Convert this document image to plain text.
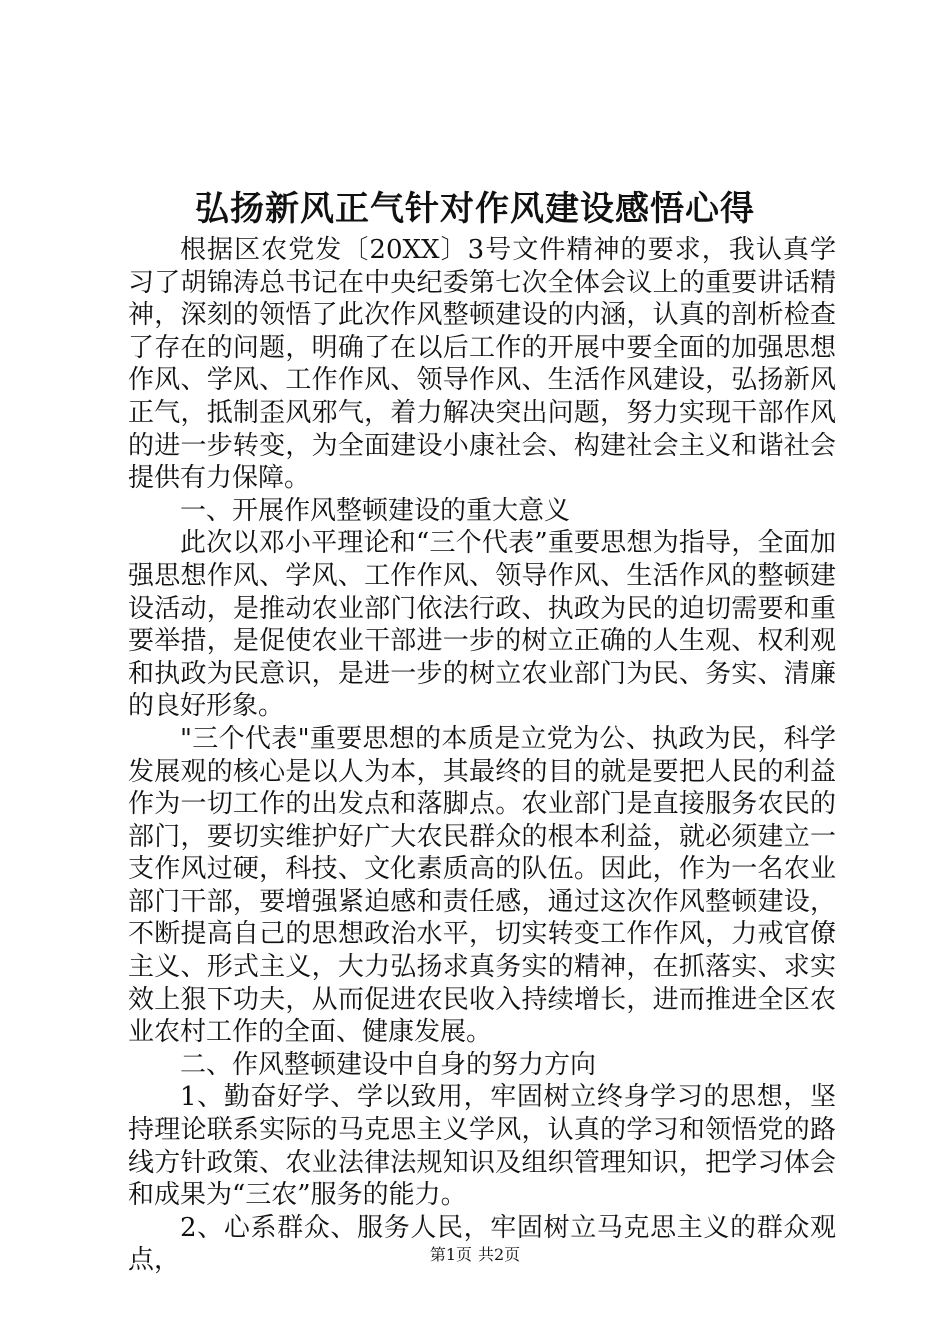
弘扬新风正气针对作风建设感悟心得

根据区农党发〔20XX〕3号文件精神的要求，我认真学习了胡锦涛总书记在中央纪委第七次全体会议上的重要讲话精神，深刻的领悟了此次作风整顿建设的内涵，认真的剖析检查了存在的问题，明确了在以后工作的开展中要全面的加强思想作风、学风、工作作风、领导作风、生活作风建设，弘扬新风正气，抵制歪风邪气，着力解决突出问题，努力实现干部作风的进一步转变，为全面建设小康社会、构建社会主义和谐社会提供有力保障。

一、开展作风整顿建设的重大意义

此次以邓小平理论和“三个代表”重要思想为指导，全面加强思想作风、学风、工作作风、领导作风、生活作风的整顿建设活动，是推动农业部门依法行政、执政为民的迫切需要和重要举措，是促使农业干部进一步的树立正确的人生观、权利观和执政为民意识，是进一步的树立农业部门为民、务实、清廉的良好形象。

"三个代表"重要思想的本质是立党为公、执政为民，科学发展观的核心是以人为本，其最终的目的就是要把人民的利益作为一切工作的出发点和落脚点。农业部门是直接服务农民的部门，要切实维护好广大农民群众的根本利益，就必须建立一支作风过硬，科技、文化素质高的队伍。因此，作为一名农业部门干部，要增强紧迫感和责任感，通过这次作风整顿建设，不断提高自己的思想政治水平，切实转变工作作风，力戒官僚主义、形式主义，大力弘扬求真务实的精神，在抓落实、求实效上狠下功夫，从而促进农民收入持续增长，进而推进全区农业农村工作的全面、健康发展。

二、作风整顿建设中自身的努力方向

1、勤奋好学、学以致用，牢固树立终身学习的思想，坚持理论联系实际的马克思主义学风，认真的学习和领悟党的路线方针政策、农业法律法规知识及组织管理知识，把学习体会和成果为“三农”服务的能力。

2、心系群众、服务人民，牢固树立马克思主义的群众观点，	第1页 共2页
